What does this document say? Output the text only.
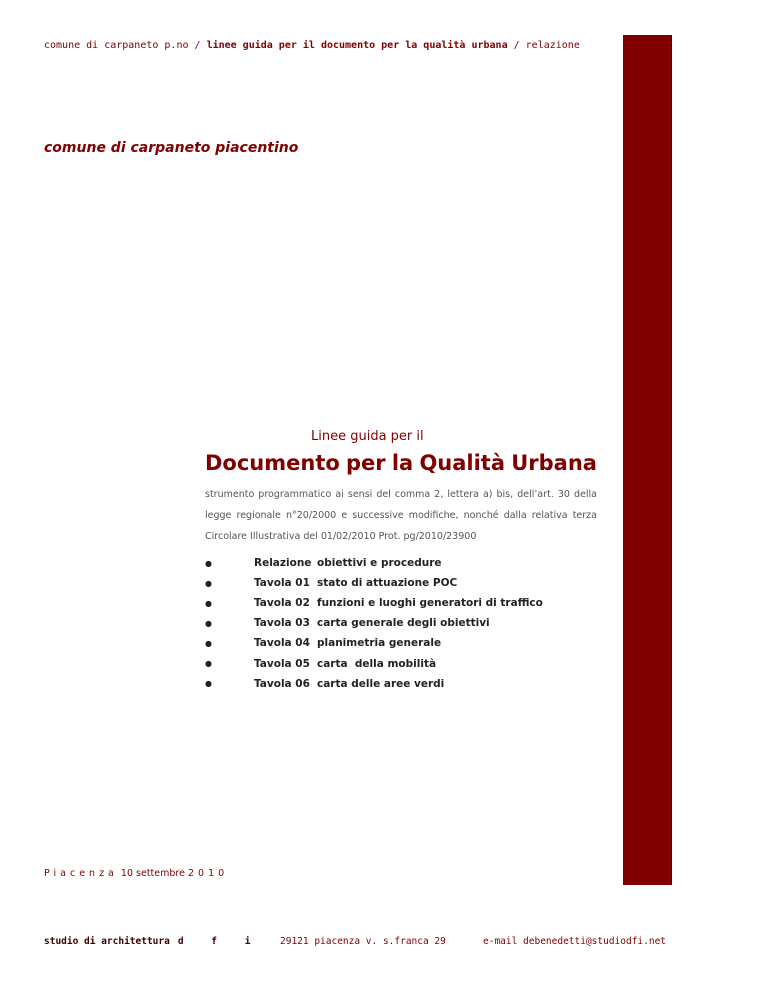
comune di carpaneto p.no / linee guida per il documento per la qualità urbana / relazione
comune di carpaneto piacentino
Linee guida per il
Documento per la Qualità Urbana
strumento programmatico ai sensi del comma 2, lettera a) bis, dell’art. 30 della legge regionale n°20/2000 e successive modifiche, nonché dalla relativa terza Circolare Illustrativa del 01/02/2010 Prot. pg/2010/23900
●	Relazione obiettivi e procedure
●	Tavola 01 stato di attuazione POC
●	Tavola 02 funzioni e luoghi generatori di traffico
●	Tavola 03 carta generale degli obiettivi
●	Tavola 04 planimetria generale
●	Tavola 05 carta  della mobilità
●	Tavola 06 carta delle aree verdi
Piacenza 10 settembre 2010
studio di architettura d f i 29121 piacenza v. s.franca 29	e-mail debenedetti@studiodfi.net
